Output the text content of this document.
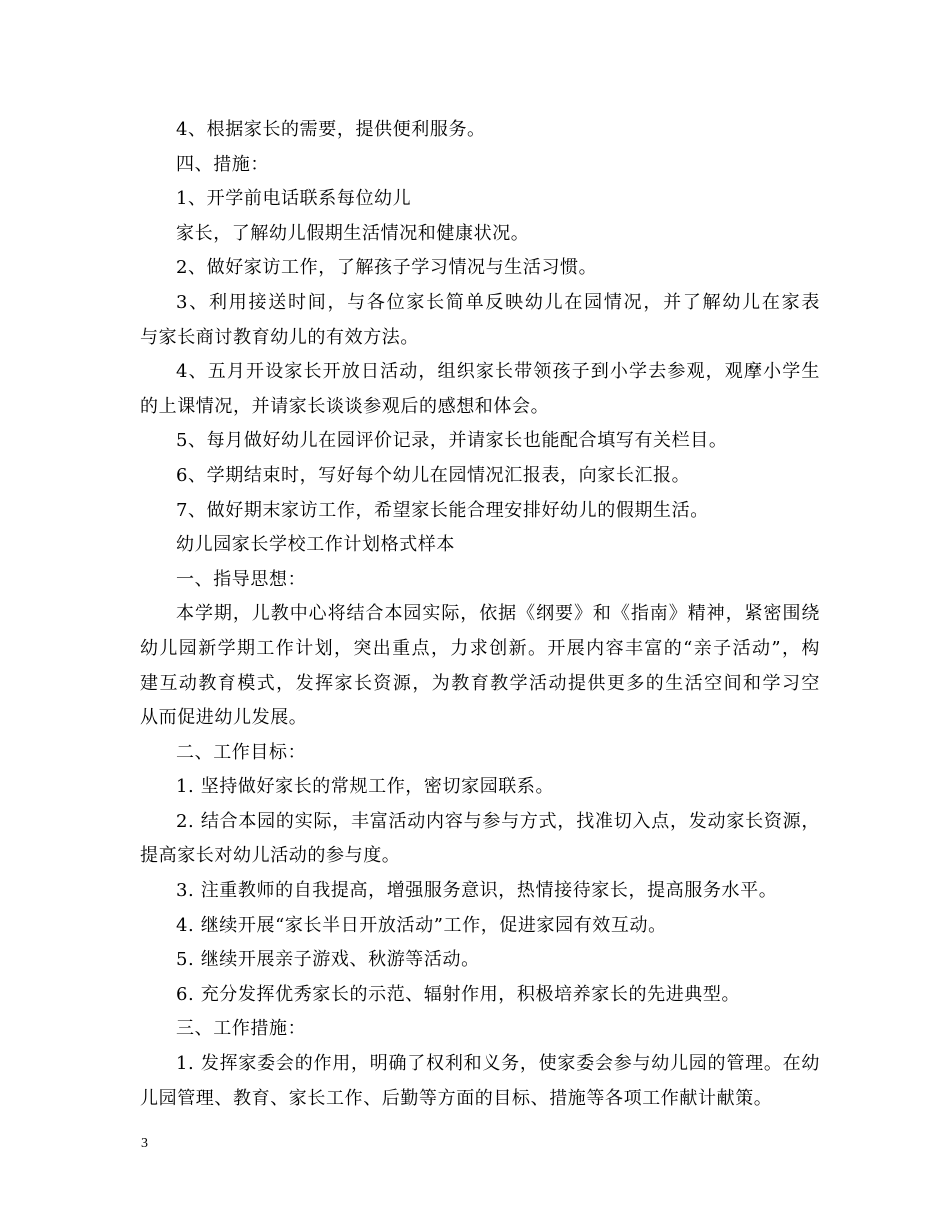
4、根据家长的需要，提供便利服务。
四、措施：
1、开学前电话联系每位幼儿
家长，了解幼儿假期生活情况和健康状况。
2、做好家访工作，了解孩子学习情况与生活习惯。
3、利用接送时间，与各位家长简单反映幼儿在园情况，并了解幼儿在家表
与家长商讨教育幼儿的有效方法。
4、五月开设家长开放日活动，组织家长带领孩子到小学去参观，观摩小学生
的上课情况，并请家长谈谈参观后的感想和体会。
5、每月做好幼儿在园评价记录，并请家长也能配合填写有关栏目。
6、学期结束时，写好每个幼儿在园情况汇报表，向家长汇报。
7、做好期末家访工作，希望家长能合理安排好幼儿的假期生活。
幼儿园家长学校工作计划格式样本
一、指导思想：
本学期，儿教中心将结合本园实际，依据《纲要》和《指南》精神，紧密围绕
幼儿园新学期工作计划，突出重点，力求创新。开展内容丰富的“亲子活动”，构
建互动教育模式，发挥家长资源，为教育教学活动提供更多的生活空间和学习空
从而促进幼儿发展。
二、工作目标：
1. 坚持做好家长的常规工作，密切家园联系。
2. 结合本园的实际，丰富活动内容与参与方式，找准切入点，发动家长资源，
提高家长对幼儿活动的参与度。
3. 注重教师的自我提高，增强服务意识，热情接待家长，提高服务水平。
4. 继续开展“家长半日开放活动”工作，促进家园有效互动。
5. 继续开展亲子游戏、秋游等活动。
6. 充分发挥优秀家长的示范、辐射作用，积极培养家长的先进典型。
三、工作措施：
1. 发挥家委会的作用，明确了权利和义务，使家委会参与幼儿园的管理。在幼
儿园管理、教育、家长工作、后勤等方面的目标、措施等各项工作献计献策。
3
